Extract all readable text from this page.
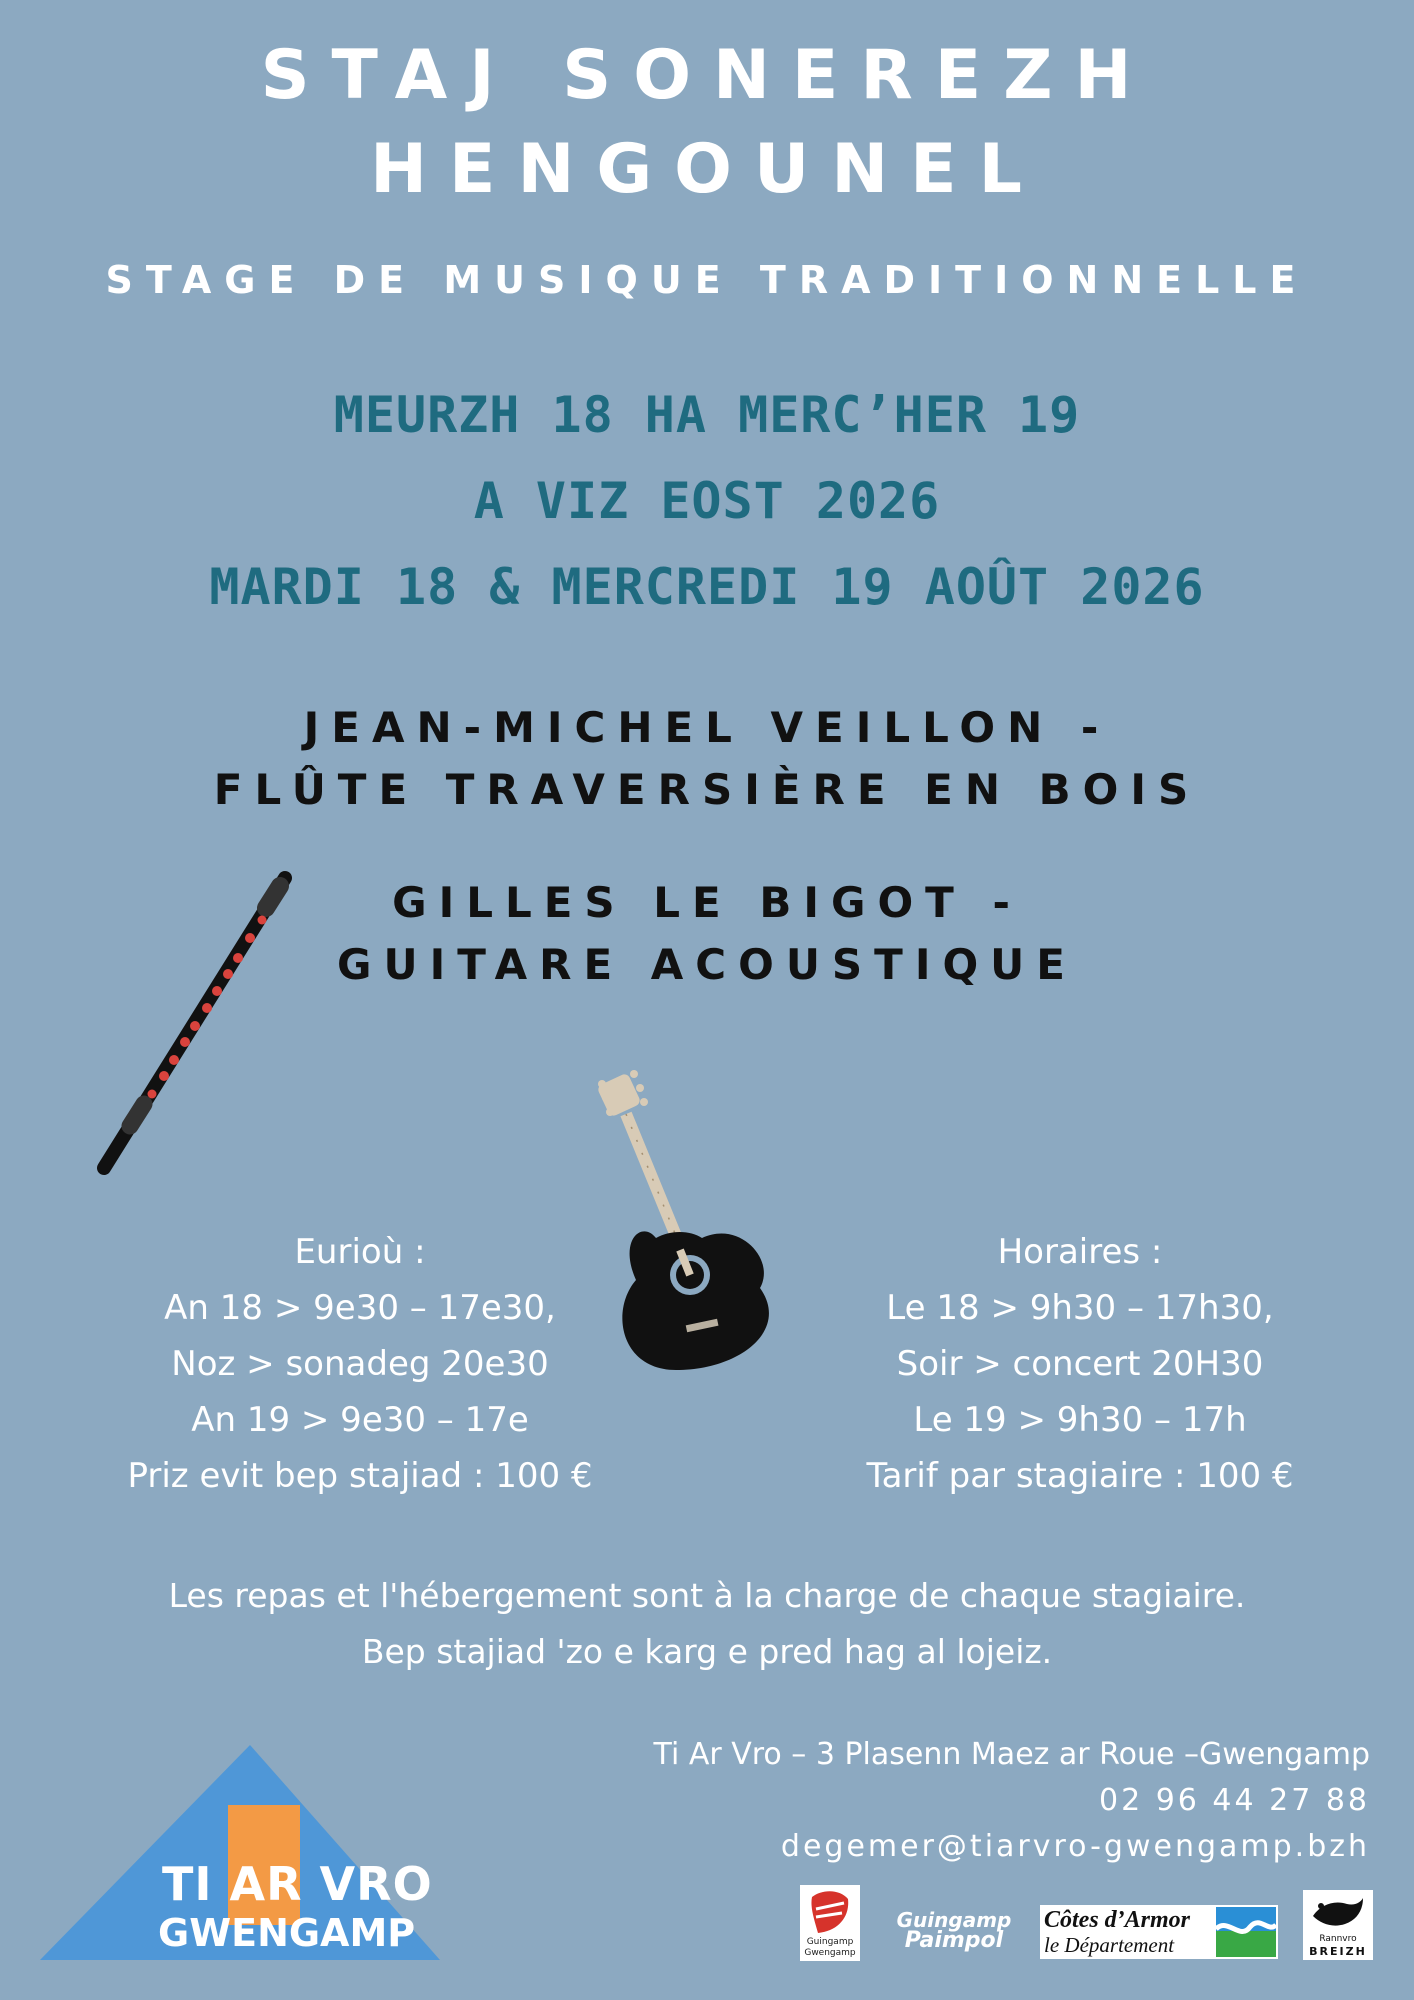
STAJ SONEREZH
HENGOUNEL
STAGE DE MUSIQUE TRADITIONNELLE
MEURZH 18 HA MERC’HER 19
A VIZ EOST 2026
MARDI 18 & MERCREDI 19 AOÛT 2026
JEAN-MICHEL VEILLON -
FLÛTE TRAVERSIÈRE EN BOIS
GILLES LE BIGOT -
GUITARE ACOUSTIQUE
Eurioù :
An 18 > 9e30 – 17e30,
Noz > sonadeg 20e30
An 19 > 9e30 – 17e
Priz evit bep stajiad : 100 €
Horaires :
Le 18 > 9h30 – 17h30,
Soir > concert 20H30
Le 19 > 9h30 – 17h
Tarif par stagiaire : 100 €
Les repas et l'hébergement sont à la charge de chaque stagiaire.
Bep stajiad 'zo e karg e pred hag al lojeiz.
TI AR VRO
GWENGAMP
Ti Ar Vro – 3 Plasenn Maez ar Roue –Gwengamp
02 96 44 27 88
degemer@tiarvro-gwengamp.bzh
Guingamp
Gwengamp
Guingamp
Paimpol
Côtes d’Armor
le Département	Rannvro
BREIZH
